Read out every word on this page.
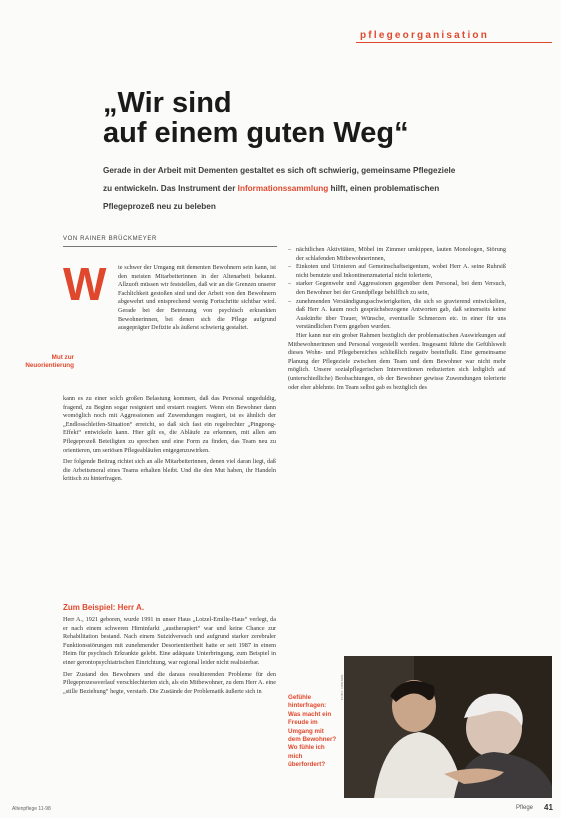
pflegeorganisation
„Wir sind
auf einem guten Weg“
Gerade in der Arbeit mit Dementen gestaltet es sich oft schwierig, gemeinsame Pflegeziele zu entwickeln. Das Instrument der Informationssammlung hilft, einen problematischen Pflegeprozeß neu zu beleben
VON RAINER BRÜCKMEYER
W ie schwer der Umgang mit dementen Bewohnern sein kann, ist den meisten Mitarbeiterinnen in der Altenarbeit bekannt. Allzuoft müssen wir feststellen, daß wir an die Grenzen unserer Fachlichkeit gestoßen sind und der Arbeit von den Bewohnern abgewehrt und entsprechend wenig Fortschritte sichtbar wird. Gerade bei der Betreuung von psychisch erkrankten Bewohnerinnen, bei denen sich die Pflege aufgrund ausgeprägter Defizite als äußerst schwierig gestaltet.
Mut zur Neuorientierung

kann es zu einer solch großen Belastung kommen, daß das Personal ungeduldig, fragend, zu Beginn sogar resigniert und erstarrt reagiert. Wenn ein Bewohner dann womöglich noch mit Aggressionen auf Zuwendungen reagiert, ist es ähnlich der „Endlosschleifen-Situation“ erreicht, so daß sich fast ein regelrechter „Pingpong-Effekt“ entwickeln kann. Hier gilt es, die Abläufe zu erkennen, mit allen am Pflegeprozeß Beteiligten zu sprechen und eine Form zu finden, das Team neu zu orientieren, um seriösen Pflegeabläufen entgegenzuwirken.

Der folgende Beitrag richtet sich an alle Mitarbeiterinnen, denen viel daran liegt, daß die Arbeitsmoral eines Teams erhalten bleibt. Und die den Mut haben, ihr Handeln kritisch zu hinterfragen.

Zum Beispiel: Herr A.

Herr A., 1921 geboren, wurde 1991 in unser Haus „Lotzel-Emilie-Haus“ verlegt, da er nach einem schweren Hirninfarkt „austherapiert“ war und keine Chance zur Rehabilitation bestand. Nach einem Suizidversuch und aufgrund starker zerebraler Funktionsstörungen mit zunehmender Desorientiertheit hatte er seit 1987 in einem Heim für psychisch Erkrankte gelebt. Eine adäquate Unterbringung, zum Beispiel in einer gerontopsychiatrischen Einrichtung, war regional leider nicht realisierbar.

Der Zustand des Bewohners und die daraus resultierenden Probleme für den Pflegeprozessverlauf verschlechterten sich, als ein Mitbewohner, zu dem Herr A. eine „stille Beziehung“ hegte, verstarb. Die Zustände der Problematik äußerte sich in

– nächtlichen Aktivitäten, Möbel im Zimmer umkippen, lauten Monologen, Störung der schlafenden Mitbewohnerinnen,
– Einkoten und Urinieren auf Gemeinschaftseigentum, wobei Herr A. seine Ruhrsiß nicht benutzte und Inkontinenzmaterial nicht tolerierte,
– starker Gegenwehr und Aggressionen gegenüber dem Personal, bei dem Versuch, den Bewohner bei der Grundpflege behilflich zu sein,
– zunehmenden Verständigungsschwierigkeiten, die sich so gravierend entwickelten, daß Herr A. kaum noch gesprächsbezogene Antworten gab, daß seinerseits keine Auskünfte über Trauer, Wünsche, eventuelle Schmerzen etc. in einer für uns verständlichen Form gegeben wurden.

Hier kann nur ein grober Rahmen bezüglich der problematischen Auswirkungen auf Mitbewohnerinnen und Personal vorgestellt werden. Insgesamt führte die Gefühlswelt dieses Wohn- und Pflegebereiches schließlich negativ beeinflußt. Eine gemeinsame Planung der Pflegeziele zwischen dem Team und dem Bewohner war nicht mehr möglich. Unsere sozialpflegerischen Interventionen reduzierten sich lediglich auf (unterschiedliche) Beobachtungen, ob der Bewohner gewisse Zuwendungen tolerierte oder eher ablehnte. Im Team selbst gab es bezüglich des

FOTO: WERNER
Gefühle hinterfragen: Was macht ein Freude im Umgang mit dem Bewohner? Wo fühle ich mich überfordert?
Altenpflege 11-98	Pflege 41
